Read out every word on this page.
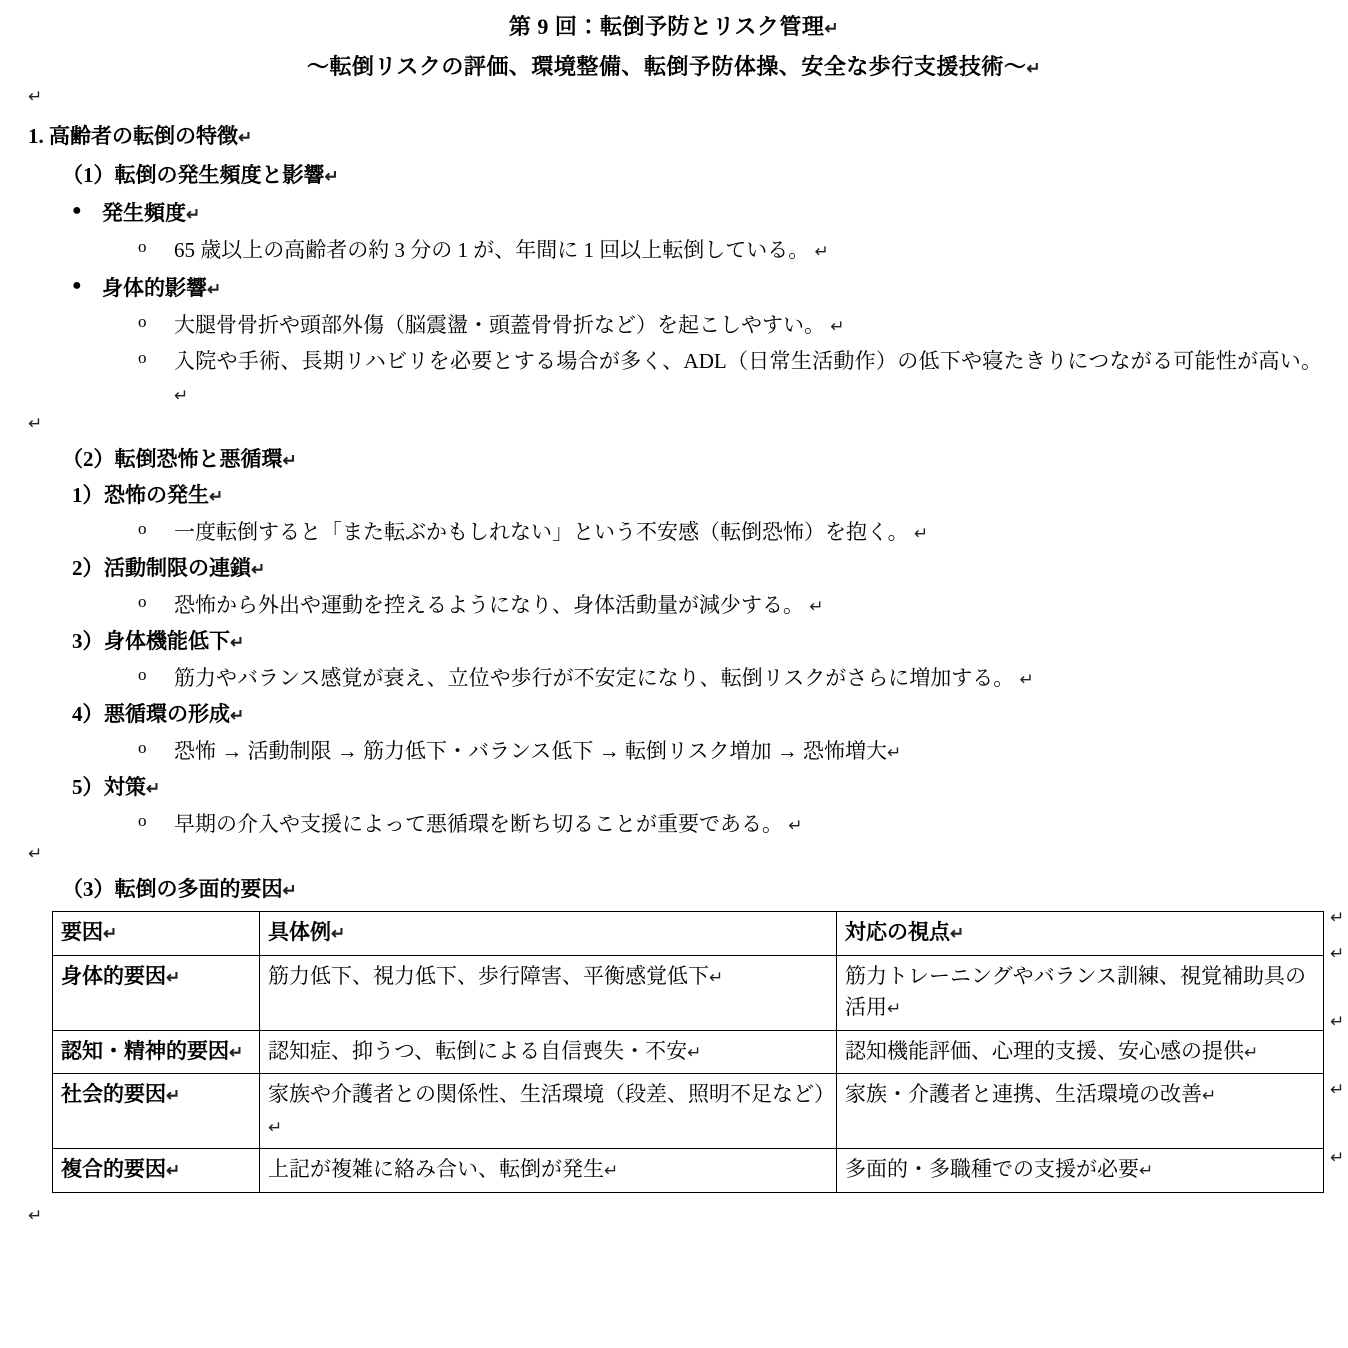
第 9 回：転倒予防とリスク管理↵
〜転倒リスクの評価、環境整備、転倒予防体操、安全な歩行支援技術〜↵
↵
1. 高齢者の転倒の特徴↵
（1）転倒の発生頻度と影響↵
● 発生頻度↵
o 65 歳以上の高齢者の約 3 分の 1 が、年間に 1 回以上転倒している。 ↵
● 身体的影響↵
o 大腿骨骨折や頭部外傷（脳震盪・頭蓋骨骨折など）を起こしやすい。 ↵
o 入院や手術、長期リハビリを必要とする場合が多く、ADL（日常生活動作）の低下や寝たきりにつながる可能性が高い。 ↵
↵
（2）転倒恐怖と悪循環↵
1） 恐怖の発生↵
o 一度転倒すると「また転ぶかもしれない」という不安感（転倒恐怖）を抱く。 ↵
2） 活動制限の連鎖↵
o 恐怖から外出や運動を控えるようになり、身体活動量が減少する。 ↵
3） 身体機能低下↵
o 筋力やバランス感覚が衰え、立位や歩行が不安定になり、転倒リスクがさらに増加する。 ↵
4） 悪循環の形成↵
o 恐怖 → 活動制限 → 筋力低下・バランス低下 → 転倒リスク増加 → 恐怖増大↵
5） 対策↵
o 早期の介入や支援によって悪循環を断ち切ることが重要である。 ↵
↵
（3）転倒の多面的要因↵
要因↵	具体例↵	対応の視点↵
身体的要因↵	筋力低下、視力低下、歩行障害、平衡感覚低下↵	筋力トレーニングやバランス訓練、視覚補助具の活用↵
認知・精神的要因↵	認知症、抑うつ、転倒による自信喪失・不安↵	認知機能評価、心理的支援、安心感の提供↵
社会的要因↵	家族や介護者との関係性、生活環境（段差、照明不足など）↵	家族・介護者と連携、生活環境の改善↵
複合的要因↵	上記が複雑に絡み合い、転倒が発生↵	多面的・多職種での支援が必要↵
↵
↵
↵
↵
↵
↵
